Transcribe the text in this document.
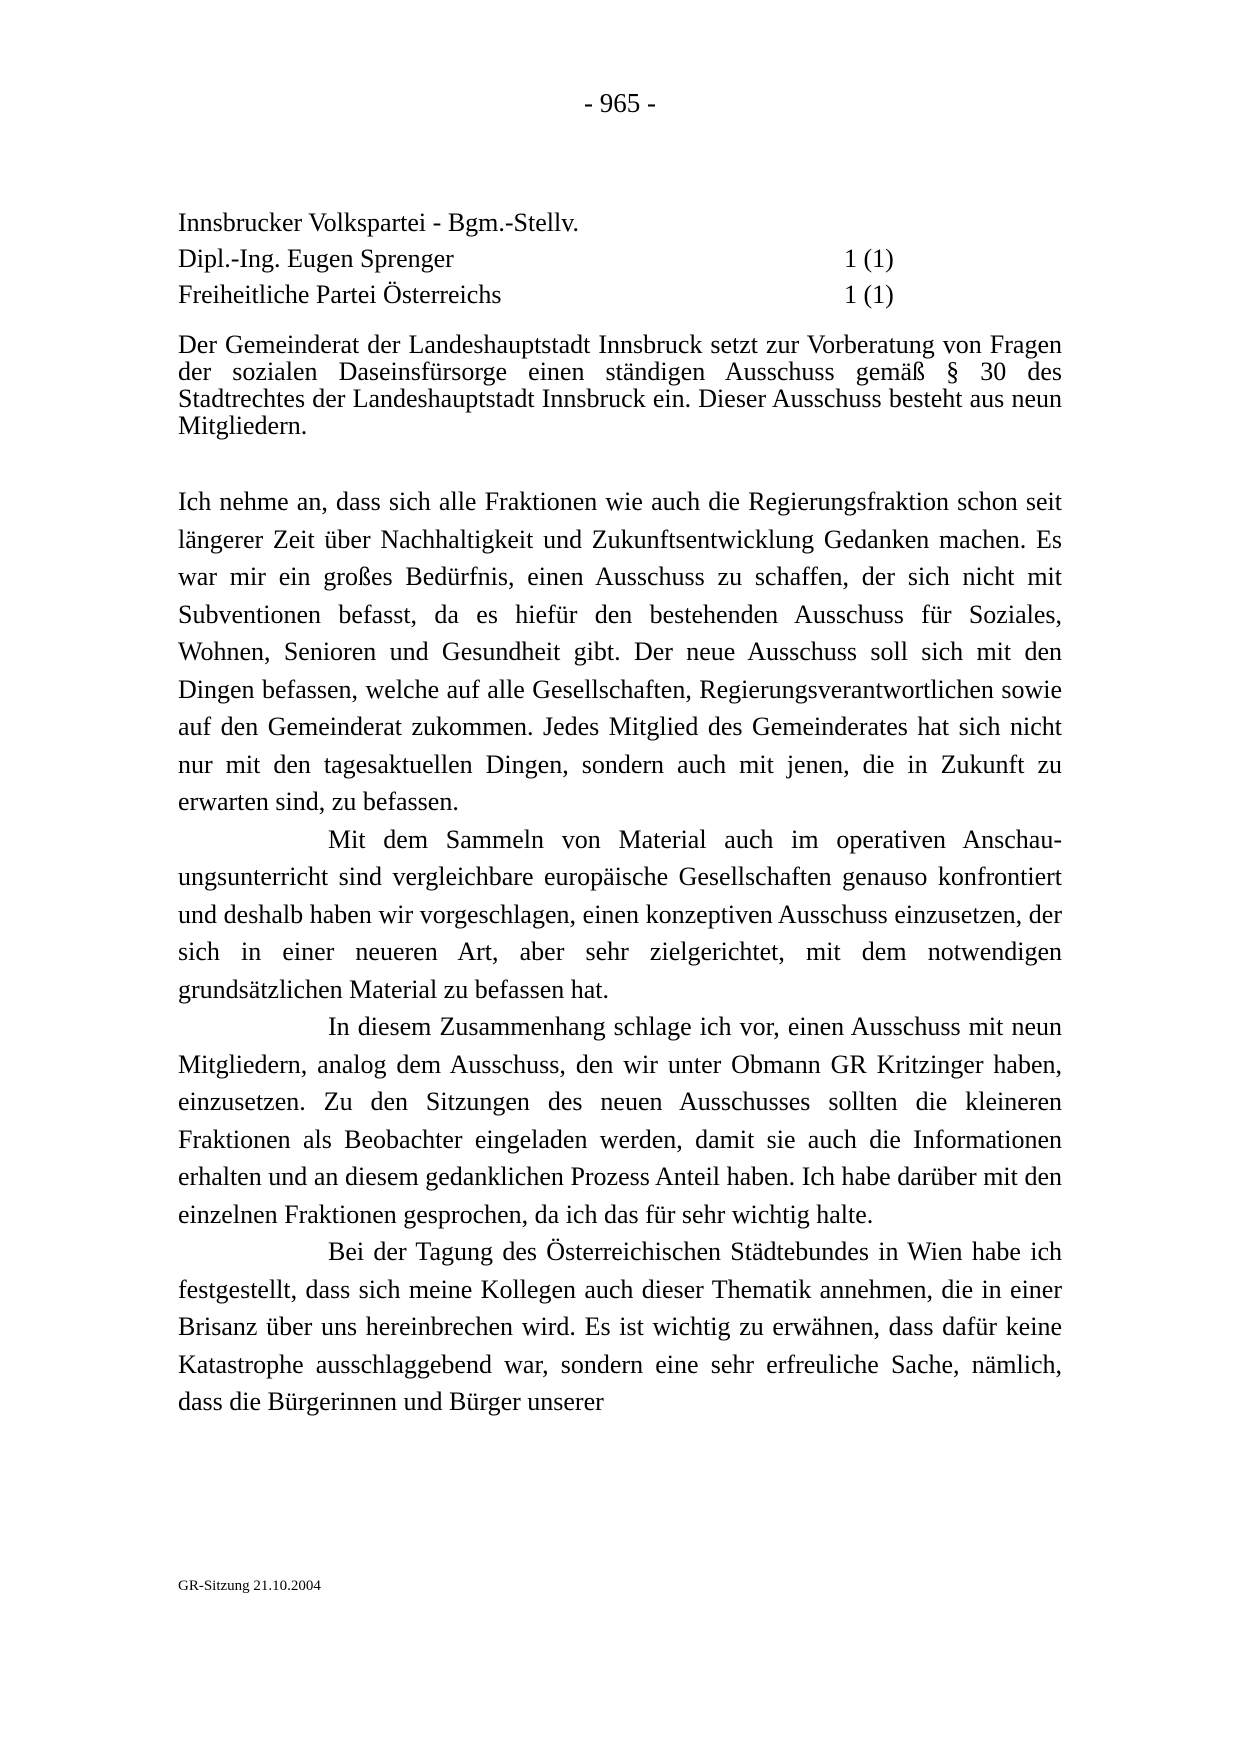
- 965 -
Innsbrucker Volkspartei - Bgm.-Stellv.
Dipl.-Ing. Eugen Sprenger	1 (1)
Freiheitliche Partei Österreichs	1 (1)

Der Gemeinderat der Landeshauptstadt Innsbruck setzt zur Vorberatung von Fragen der sozialen Daseinsfürsorge einen ständigen Ausschuss gemäß § 30 des Stadtrechtes der Landeshauptstadt Innsbruck ein. Dieser Ausschuss besteht aus neun Mitgliedern.

Ich nehme an, dass sich alle Fraktionen wie auch die Regierungsfraktion schon seit längerer Zeit über Nachhaltigkeit und Zukunftsentwicklung Gedanken machen. Es war mir ein großes Bedürfnis, einen Ausschuss zu schaffen, der sich nicht mit Subventionen befasst, da es hiefür den bestehenden Ausschuss für Soziales, Wohnen, Senioren und Gesundheit gibt. Der neue Ausschuss soll sich mit den Dingen befassen, welche auf alle Gesellschaften, Regierungsverantwortlichen sowie auf den Gemeinderat zukommen. Jedes Mitglied des Gemeinderates hat sich nicht nur mit den tagesaktuellen Dingen, sondern auch mit jenen, die in Zukunft zu erwarten sind, zu befassen.

Mit dem Sammeln von Material auch im operativen Anschauungsunterricht sind vergleichbare europäische Gesellschaften genauso konfrontiert und deshalb haben wir vorgeschlagen, einen konzeptiven Ausschuss einzusetzen, der sich in einer neueren Art, aber sehr zielgerichtet, mit dem notwendigen grundsätzlichen Material zu befassen hat.

In diesem Zusammenhang schlage ich vor, einen Ausschuss mit neun Mitgliedern, analog dem Ausschuss, den wir unter Obmann GR Kritzinger haben, einzusetzen. Zu den Sitzungen des neuen Ausschusses sollten die kleineren Fraktionen als Beobachter eingeladen werden, damit sie auch die Informationen erhalten und an diesem gedanklichen Prozess Anteil haben. Ich habe darüber mit den einzelnen Fraktionen gesprochen, da ich das für sehr wichtig halte.

Bei der Tagung des Österreichischen Städtebundes in Wien habe ich festgestellt, dass sich meine Kollegen auch dieser Thematik annehmen, die in einer Brisanz über uns hereinbrechen wird. Es ist wichtig zu erwähnen, dass dafür keine Katastrophe ausschlaggebend war, sondern eine sehr erfreuliche Sache, nämlich, dass die Bürgerinnen und Bürger unserer

GR-Sitzung 21.10.2004
